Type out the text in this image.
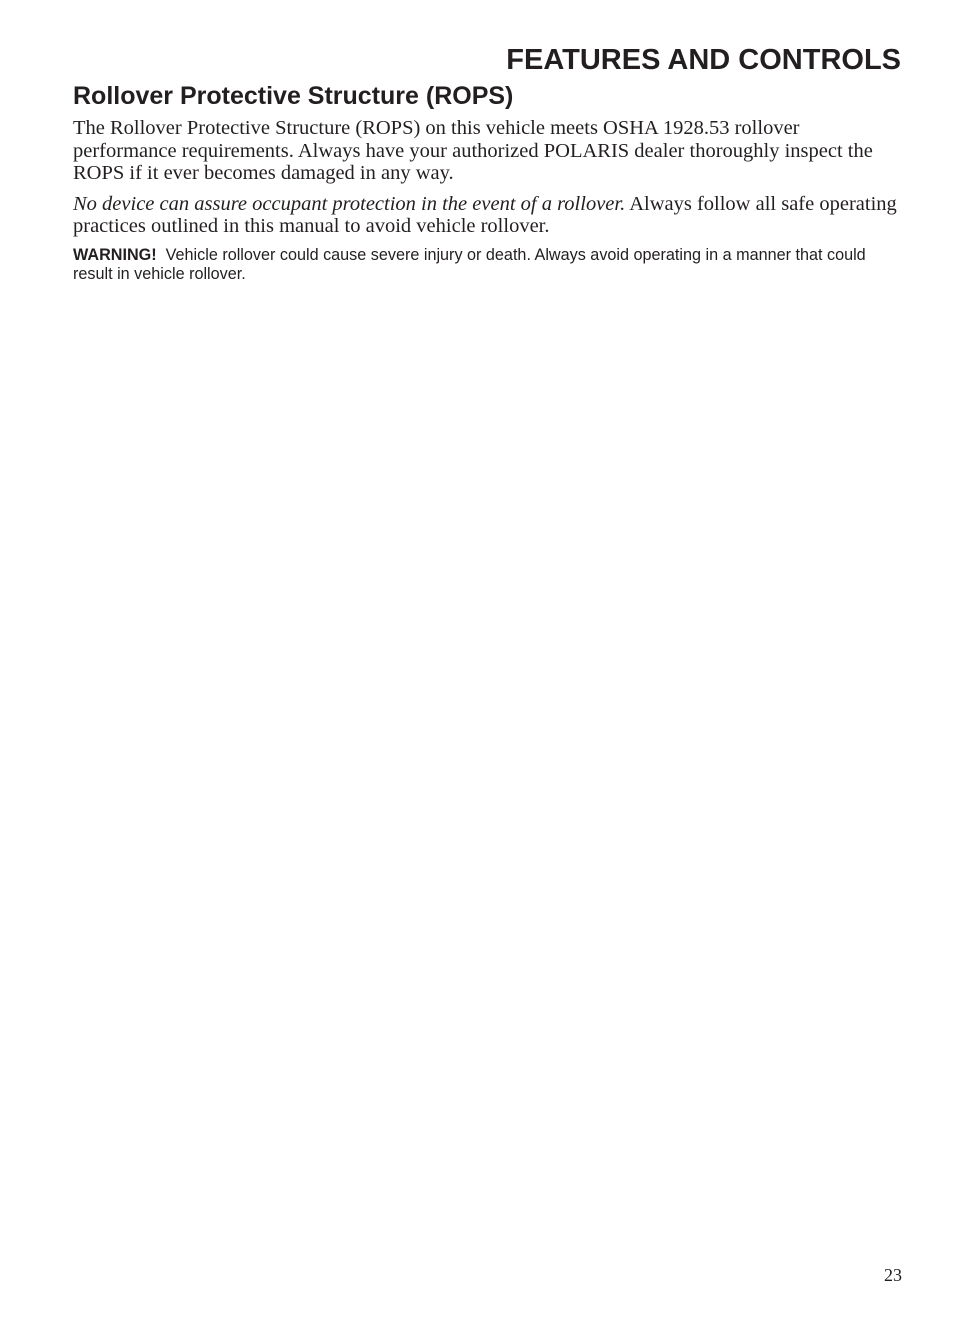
FEATURES AND CONTROLS
Rollover Protective Structure (ROPS)

The Rollover Protective Structure (ROPS) on this vehicle meets OSHA 1928.53 rollover performance requirements. Always have your authorized POLARIS dealer thoroughly inspect the ROPS if it ever becomes damaged in any way.

No device can assure occupant protection in the event of a rollover. Always follow all safe operating practices outlined in this manual to avoid vehicle rollover.

WARNING!  Vehicle rollover could cause severe injury or death. Always avoid operating in a manner that could result in vehicle rollover.

23
